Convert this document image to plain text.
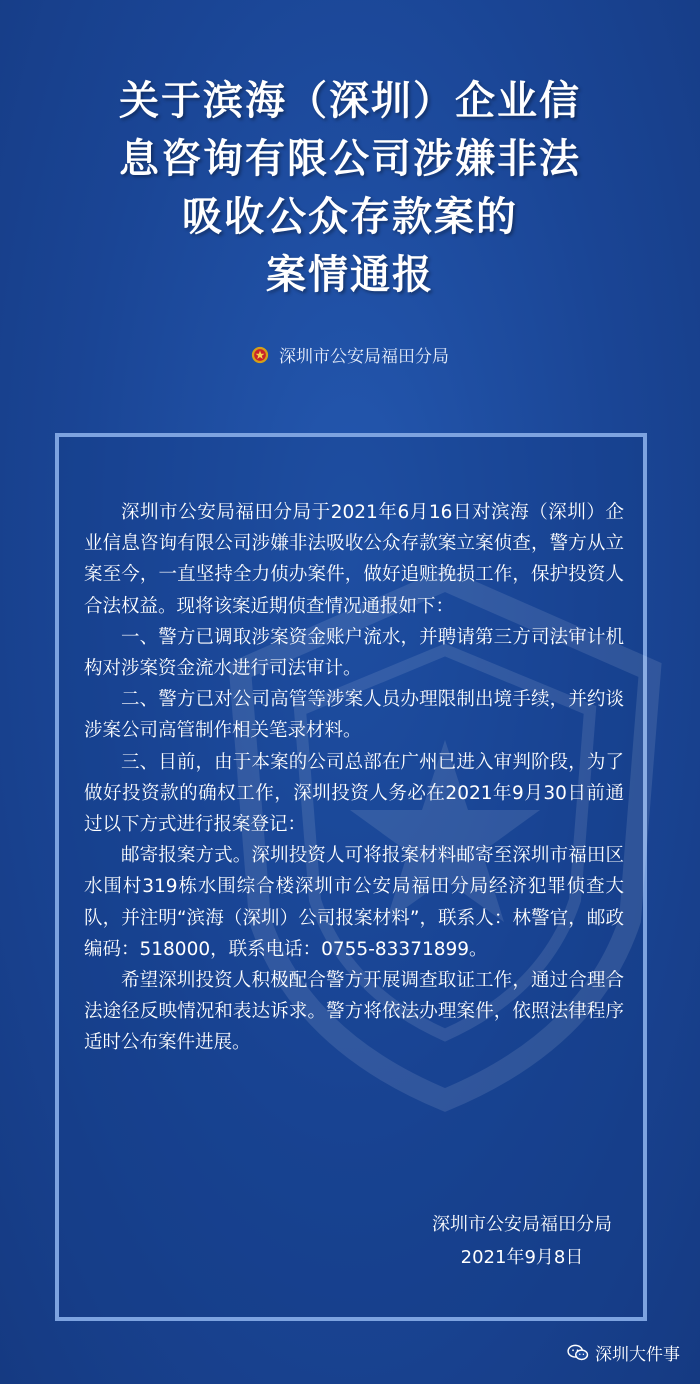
关于滨海（深圳）企业信
息咨询有限公司涉嫌非法
吸收公众存款案的
案情通报
深圳市公安局福田分局

深圳市公安局福田分局于2021年6月16日对滨海（深圳）企业信息咨询有限公司涉嫌非法吸收公众存款案立案侦查，警方从立案至今，一直坚持全力侦办案件，做好追赃挽损工作，保护投资人合法权益。现将该案近期侦查情况通报如下：

一、警方已调取涉案资金账户流水，并聘请第三方司法审计机构对涉案资金流水进行司法审计。

二、警方已对公司高管等涉案人员办理限制出境手续，并约谈涉案公司高管制作相关笔录材料。

三、目前，由于本案的公司总部在广州已进入审判阶段，为了做好投资款的确权工作，深圳投资人务必在2021年9月30日前通过以下方式进行报案登记：

邮寄报案方式。深圳投资人可将报案材料邮寄至深圳市福田区水围村319栋水围综合楼深圳市公安局福田分局经济犯罪侦查大队，并注明“滨海（深圳）公司报案材料”，联系人：林警官，邮政编码：518000，联系电话：0755-83371899。

希望深圳投资人积极配合警方开展调查取证工作，通过合理合法途径反映情况和表达诉求。警方将依法办理案件，依照法律程序适时公布案件进展。

深圳市公安局福田分局
2021年9月8日
深圳大件事
